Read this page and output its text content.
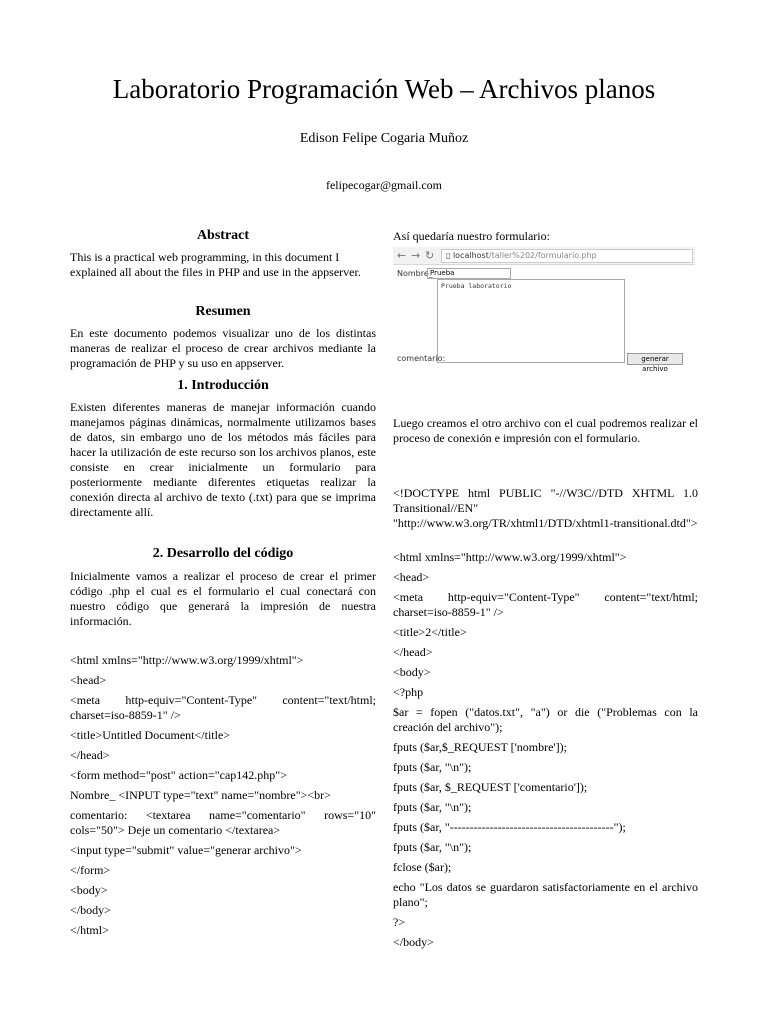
Laboratorio Programación Web – Archivos planos
Edison Felipe Cogaria Muñoz
felipecogar@gmail.com
Abstract
This is a practical web programming, in this document I explained all about the files in PHP and use in the appserver.
Resumen
En este documento podemos visualizar uno de los distintas maneras de realizar el proceso de crear archivos mediante la programación de PHP y su uso en appserver.
1. Introducción
Existen diferentes maneras de manejar información cuando manejamos páginas dinámicas, normalmente utilizamos bases de datos, sin embargo uno de los métodos más fáciles para hacer la utilización de este recurso son los archivos planos, este consiste en crear inicialmente un formulario para posteriormente mediante diferentes etiquetas realizar la conexión directa al archivo de texto (.txt) para que se imprima directamente allí.
2. Desarrollo del código
Inicialmente vamos a realizar el proceso de crear el primer código .php el cual es el formulario el cual conectará con nuestro código que generará la impresión de nuestra información.
<html xmlns="http://www.w3.org/1999/xhtml">
<head>
<meta http-equiv="Content-Type" content="text/html; charset=iso-8859-1" />
<title>Untitled Document</title>
</head>
<form method="post" action="cap142.php">
Nombre_ <INPUT type="text" name="nombre"><br>
comentario: <textarea name="comentario" rows="10" cols="50"> Deje un comentario </textarea>
<input type="submit" value="generar archivo">
</form>
<body>
</body>
</html>
Así quedaría nuestro formulario:
Luego creamos el otro archivo con el cual podremos realizar el proceso de conexión e impresión con el formulario.
<!DOCTYPE html PUBLIC "-//W3C//DTD XHTML 1.0 Transitional//EN" "http://www.w3.org/TR/xhtml1/DTD/xhtml1-transitional.dtd">
<html xmlns="http://www.w3.org/1999/xhtml">
<head>
<meta http-equiv="Content-Type" content="text/html; charset=iso-8859-1" />
<title>2</title>
</head>
<body>
<?php
$ar = fopen ("datos.txt", "a") or die ("Problemas con la creación del archivo");
fputs ($ar,$_REQUEST ['nombre']);
fputs ($ar, "\n");
fputs ($ar, $_REQUEST ['comentario']);
fputs ($ar, "\n");
fputs ($ar, "-----------------------------------------");
fputs ($ar, "\n");
fclose ($ar);
echo "Los datos se guardaron satisfactoriamente en el archivo plano";
?>
</body>
← → ↻	▯ localhost/taller%202/formulario.php
Nombre_
Prueba
Prueba laboratorio
comentario:	generar archivo
